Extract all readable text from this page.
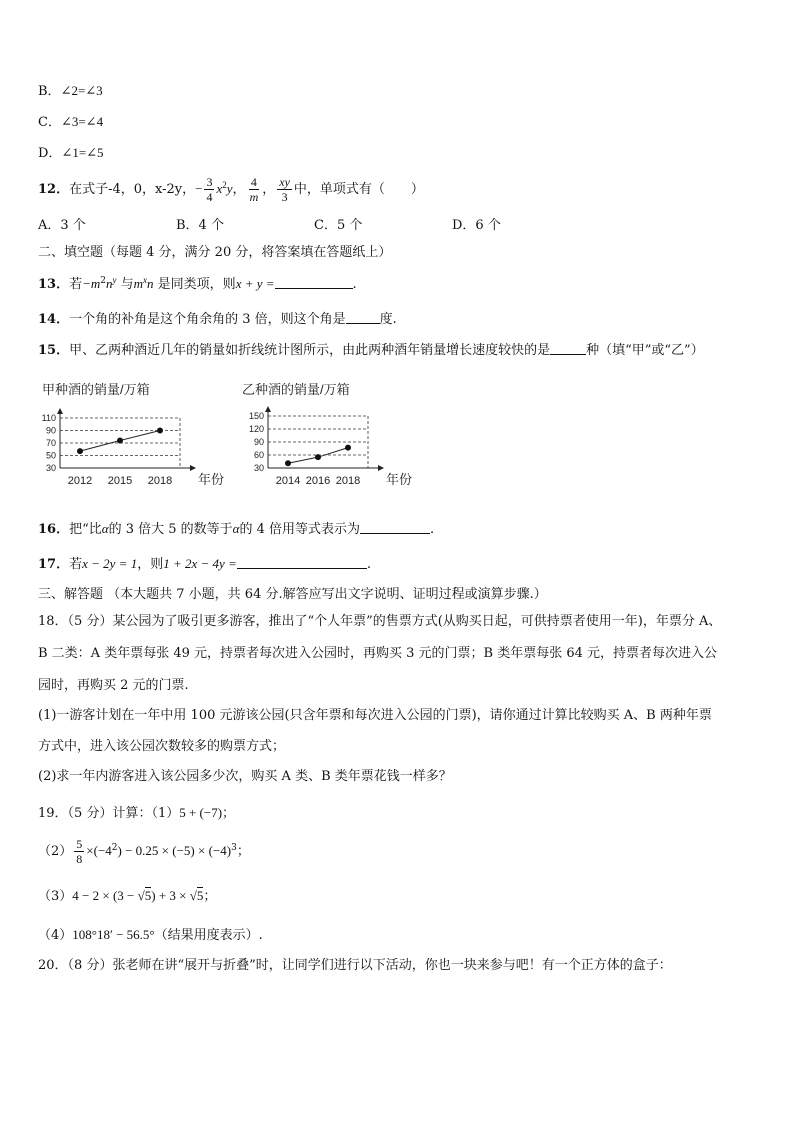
B．∠2=∠3
C．∠3=∠4
D．∠1=∠5
12．在式子-4，0，x-2y，− $\frac{3}{4} x^2y$， $\frac{4}{m}$ ， $\frac{xy}{3}$ 中，单项式有（　　）
A．3 个	B．4 个	C．5 个	D．6 个
二、填空题（每题 4 分，满分 20 分，将答案填在答题纸上）
13．若$-m^2n^y$ 与$m^xn$ 是同类项，则x + y =	.
14．一个角的补角是这个角余角的 3 倍，则这个角是	度.
15．甲、乙两种酒近几年的销量如折线统计图所示，由此两种酒年销量增长速度较快的是	种（填“甲”或“乙”）
甲种酒的销量/万箱
30
50
70
90
110
年份
2012 2015 2018
乙种酒的销量/万箱
30
60
90
120
150
年份
2014 2016 2018
16．把“比α的 3 倍大 5 的数等于α的 4 倍用等式表示为	.
17．若x − 2y = 1，则1 + 2x − 4y =	.
三、解答题 （本大题共 7 小题，共 64 分.解答应写出文字说明、证明过程或演算步骤.）
18．（5 分）某公园为了吸引更多游客，推出了“个人年票”的售票方式(从购买日起，可供持票者使用一年)，年票分 A、
B 二类：A 类年票每张 49 元，持票者每次进入公园时，再购买 3 元的门票；B 类年票每张 64 元，持票者每次进入公
园时，再购买 2 元的门票.
(1)一游客计划在一年中用 100 元游该公园(只含年票和每次进入公园的门票)，请你通过计算比较购买 A、B 两种年票
方式中，进入该公园次数较多的购票方式；
(2)求一年内游客进入该公园多少次，购买 A 类、B 类年票花钱一样多？
19．（5 分）计算：（1）5 + (−7)；
$(2) \frac{5}{8} \times(-4^2) - 0.25 \times (-5) \times (-4)^3$；
（3）4 − 2 × (3 − √5) + 3 × √5；
（4）108°18′ − 56.5°（结果用度表示）.
20．（8 分）张老师在讲“展开与折叠”时，让同学们进行以下活动，你也一块来参与吧！有一个正方体的盒子：
